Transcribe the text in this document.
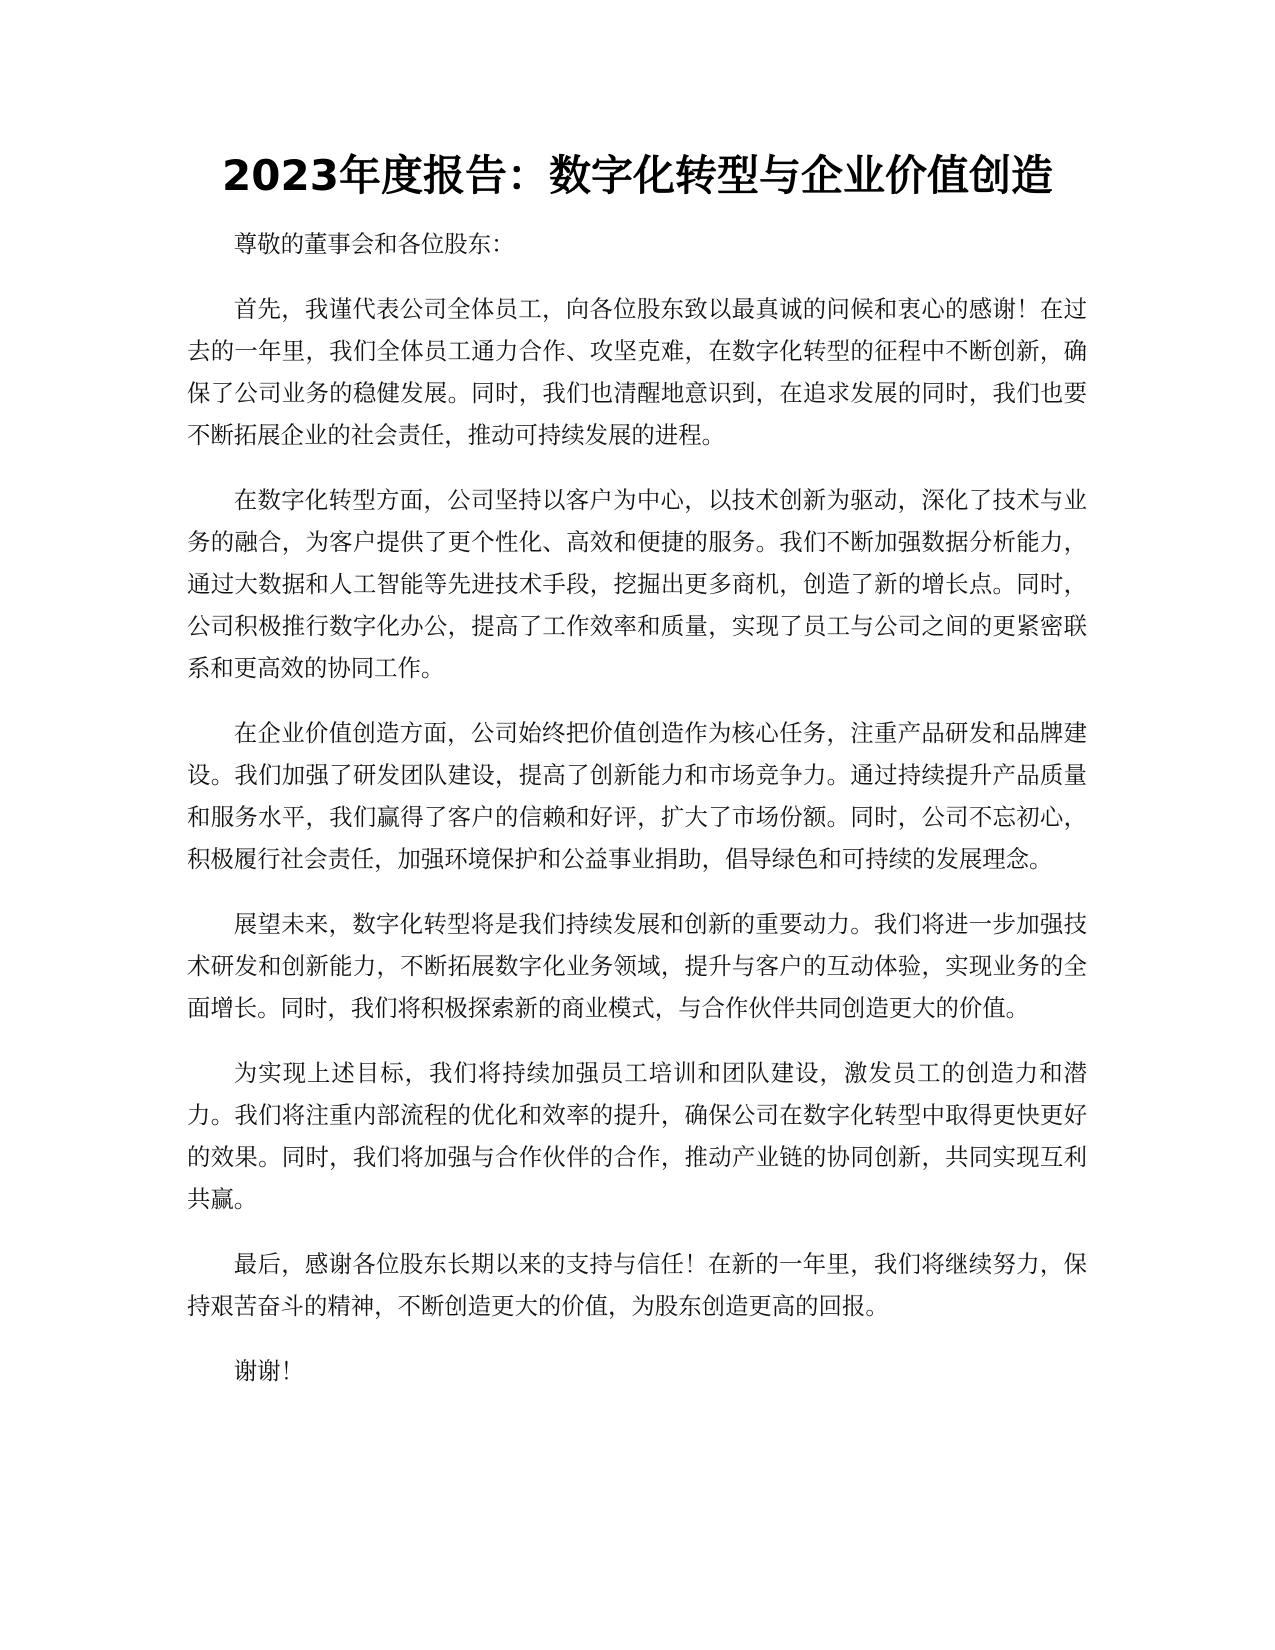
2023年度报告：数字化转型与企业价值创造

尊敬的董事会和各位股东：

首先，我谨代表公司全体员工，向各位股东致以最真诚的问候和衷心的感谢！在过去的一年里，我们全体员工通力合作、攻坚克难，在数字化转型的征程中不断创新，确保了公司业务的稳健发展。同时，我们也清醒地意识到，在追求发展的同时，我们也要不断拓展企业的社会责任，推动可持续发展的进程。

在数字化转型方面，公司坚持以客户为中心，以技术创新为驱动，深化了技术与业务的融合，为客户提供了更个性化、高效和便捷的服务。我们不断加强数据分析能力，通过大数据和人工智能等先进技术手段，挖掘出更多商机，创造了新的增长点。同时，公司积极推行数字化办公，提高了工作效率和质量，实现了员工与公司之间的更紧密联系和更高效的协同工作。

在企业价值创造方面，公司始终把价值创造作为核心任务，注重产品研发和品牌建设。我们加强了研发团队建设，提高了创新能力和市场竞争力。通过持续提升产品质量和服务水平，我们赢得了客户的信赖和好评，扩大了市场份额。同时，公司不忘初心，积极履行社会责任，加强环境保护和公益事业捐助，倡导绿色和可持续的发展理念。

展望未来，数字化转型将是我们持续发展和创新的重要动力。我们将进一步加强技术研发和创新能力，不断拓展数字化业务领域，提升与客户的互动体验，实现业务的全面增长。同时，我们将积极探索新的商业模式，与合作伙伴共同创造更大的价值。

为实现上述目标，我们将持续加强员工培训和团队建设，激发员工的创造力和潜力。我们将注重内部流程的优化和效率的提升，确保公司在数字化转型中取得更快更好的效果。同时，我们将加强与合作伙伴的合作，推动产业链的协同创新，共同实现互利共赢。

最后，感谢各位股东长期以来的支持与信任！在新的一年里，我们将继续努力，保持艰苦奋斗的精神，不断创造更大的价值，为股东创造更高的回报。

谢谢！
